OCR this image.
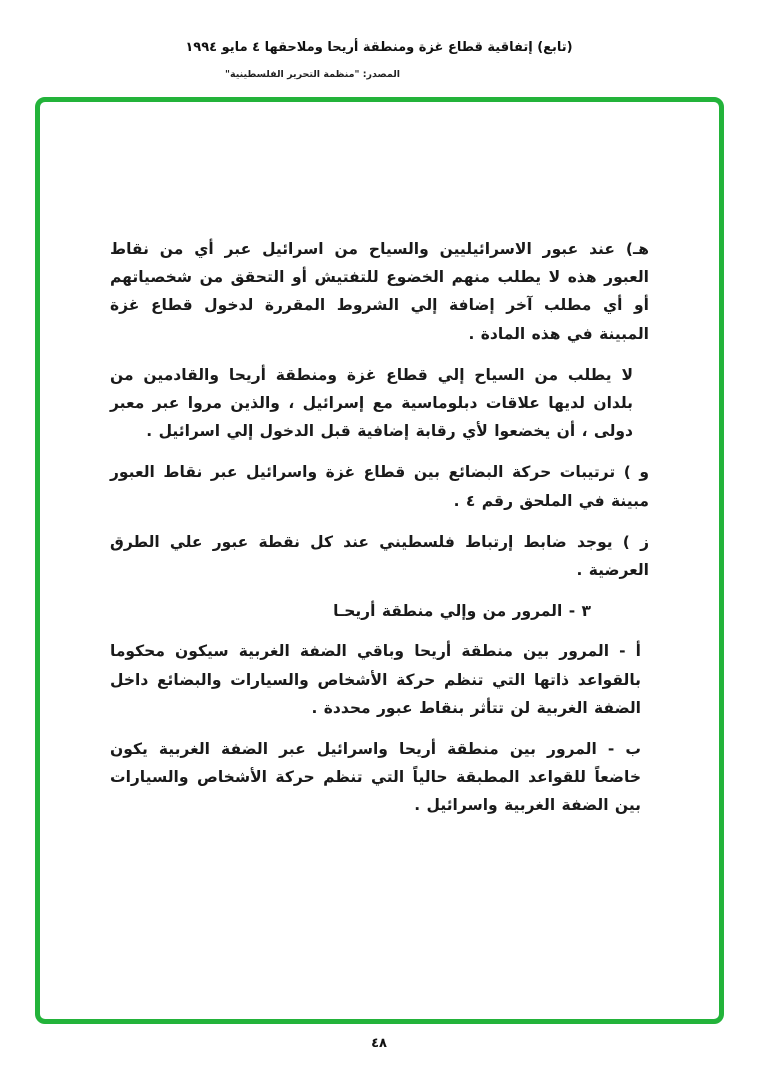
(تابع) إتفاقية قطاع غزة ومنطقة أريحا وملاحقها ٤ مايو ١٩٩٤
المصدر: "منظمة التحرير الفلسطينية"

هـ) عند عبور الاسرائيليين والسياح من اسرائيل عبر أي من نقاط العبور هذه لا يطلب منهم الخضوع للتفتيش أو التحقق من شخصياتهم أو أي مطلب آخر إضافة إلي الشروط المقررة لدخول قطاع غزة المبينة في هذه المادة .

لا يطلب من السياح إلي قطاع غزة ومنطقة أريحا والقادمين من بلدان لديها علاقات دبلوماسية مع إسرائيل ، والذين مروا عبر معبر دولى ، أن يخضعوا لأي رقابة إضافية قبل الدخول إلي اسرائيل .

و ) ترتيبات حركة البضائع بين قطاع غزة واسرائيل عبر نقاط العبور مبينة في الملحق رقم ٤ .

ز ) يوجد ضابط إرتباط فلسطيني عند كل نقطة عبور علي الطرق العرضية .

٣ - المرور من وإلي منطقة أريحـا

أ - المرور بين منطقة أريحا وباقي الضفة الغربية سيكون محكوما بالقواعد ذاتها التي تنظم حركة الأشخاص والسيارات والبضائع داخل الضفة الغربية لن تتأثر بنقاط عبور محددة .

ب - المرور بين منطقة أريحا واسرائيل عبر الضفة الغربية يكون خاضعاً للقواعد المطبقة حالياً التي تنظم حركة الأشخاص والسيارات بين الضفة الغربية واسرائيل .

٤٨
